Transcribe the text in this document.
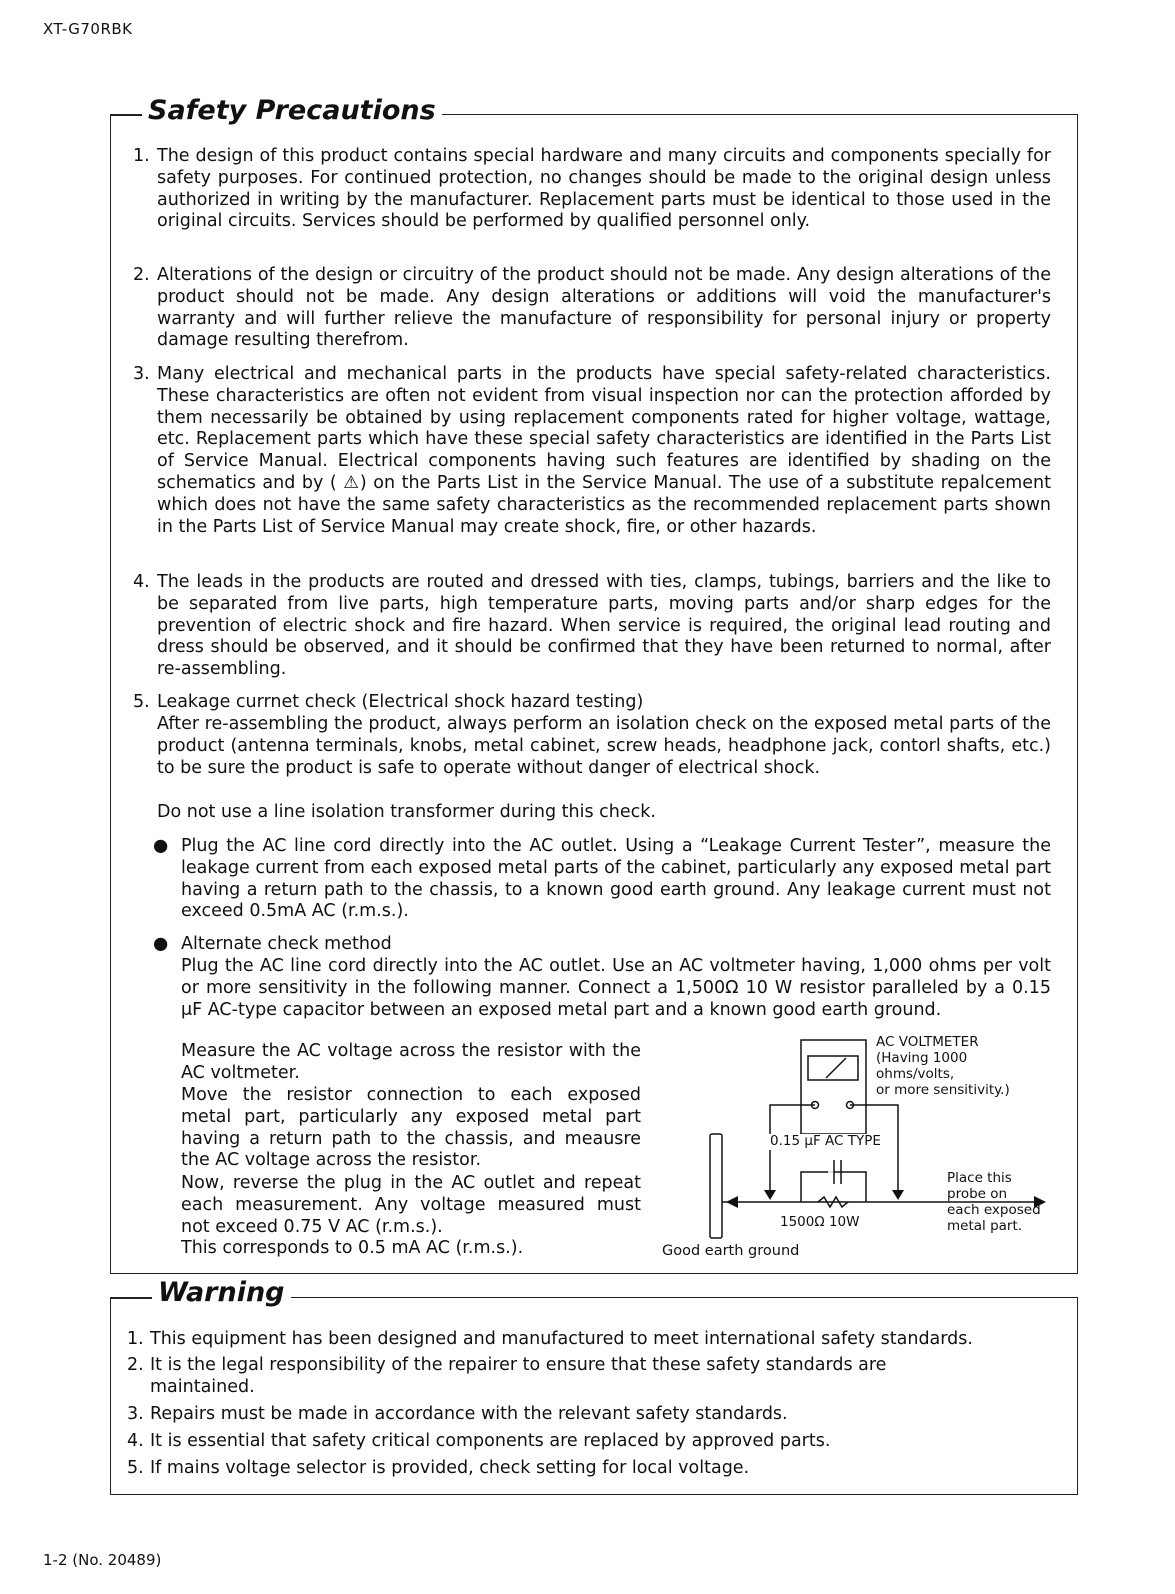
XT-G70RBK
1-2 (No. 20489)
Safety Precautions
1. The design of this product contains special hardware and many circuits and components specially for safety purposes. For continued protection, no changes should be made to the original design unless authorized in writing by the manufacturer. Replacement parts must be identical to those used in the original circuits. Services should be performed by qualified personnel only.
2. Alterations of the design or circuitry of the product should not be made. Any design alterations of the product should not be made. Any design alterations or additions will void the manufacturer's warranty and will further relieve the manufacture of responsibility for personal injury or property damage resulting therefrom.
3. Many electrical and mechanical parts in the products have special safety-related characteristics. These characteristics are often not evident from visual inspection nor can the protection afforded by them necessarily be obtained by using replacement components rated for higher voltage, wattage, etc. Replacement parts which have these special safety characteristics are identified in the Parts List of Service Manual. Electrical components having such features are identified by shading on the schematics and by ( ⚠) on the Parts List in the Service Manual. The use of a substitute repalcement which does not have the same safety characteristics as the recommended replacement parts shown in the Parts List of Service Manual may create shock, fire, or other hazards.
4. The leads in the products are routed and dressed with ties, clamps, tubings, barriers and the like to be separated from live parts, high temperature parts, moving parts and/or sharp edges for the prevention of electric shock and fire hazard. When service is required, the original lead routing and dress should be observed, and it should be confirmed that they have been returned to normal, after re-assembling.
5. Leakage currnet check (Electrical shock hazard testing)
After re-assembling the product, always perform an isolation check on the exposed metal parts of the product (antenna terminals, knobs, metal cabinet, screw heads, headphone jack, contorl shafts, etc.) to be sure the product is safe to operate without danger of electrical shock.
Do not use a line isolation transformer during this check.
● Plug the AC line cord directly into the AC outlet. Using a “Leakage Current Tester”, measure the leakage current from each exposed metal parts of the cabinet, particularly any exposed metal part having a return path to the chassis, to a known good earth ground. Any leakage current must not exceed 0.5mA AC (r.m.s.).
● Alternate check method
Plug the AC line cord directly into the AC outlet. Use an AC voltmeter having, 1,000 ohms per volt or more sensitivity in the following manner. Connect a 1,500Ω 10 W resistor paralleled by a 0.15 μF AC-type capacitor between an exposed metal part and a known good earth ground.
Measure the AC voltage across the resistor with the AC voltmeter.
Move the resistor connection to each exposed metal part, particularly any exposed metal part having a return path to the chassis, and meausre the AC voltage across the resistor.
Now, reverse the plug in the AC outlet and repeat each measurement. Any voltage measured must not exceed 0.75 V AC (r.m.s.).
This corresponds to 0.5 mA AC (r.m.s.).
AC VOLTMETER
(Having 1000
ohms/volts,
or more sensitivity.)
0.15 μF AC TYPE
1500Ω 10W
Place this
probe on
each exposed
metal part.
Good earth ground
Warning
1. This equipment has been designed and manufactured to meet international safety standards.
2. It is the legal responsibility of the repairer to ensure that these safety standards are maintained.
3. Repairs must be made in accordance with the relevant safety standards.
4. It is essential that safety critical components are replaced by approved parts.
5. If mains voltage selector is provided, check setting for local voltage.
